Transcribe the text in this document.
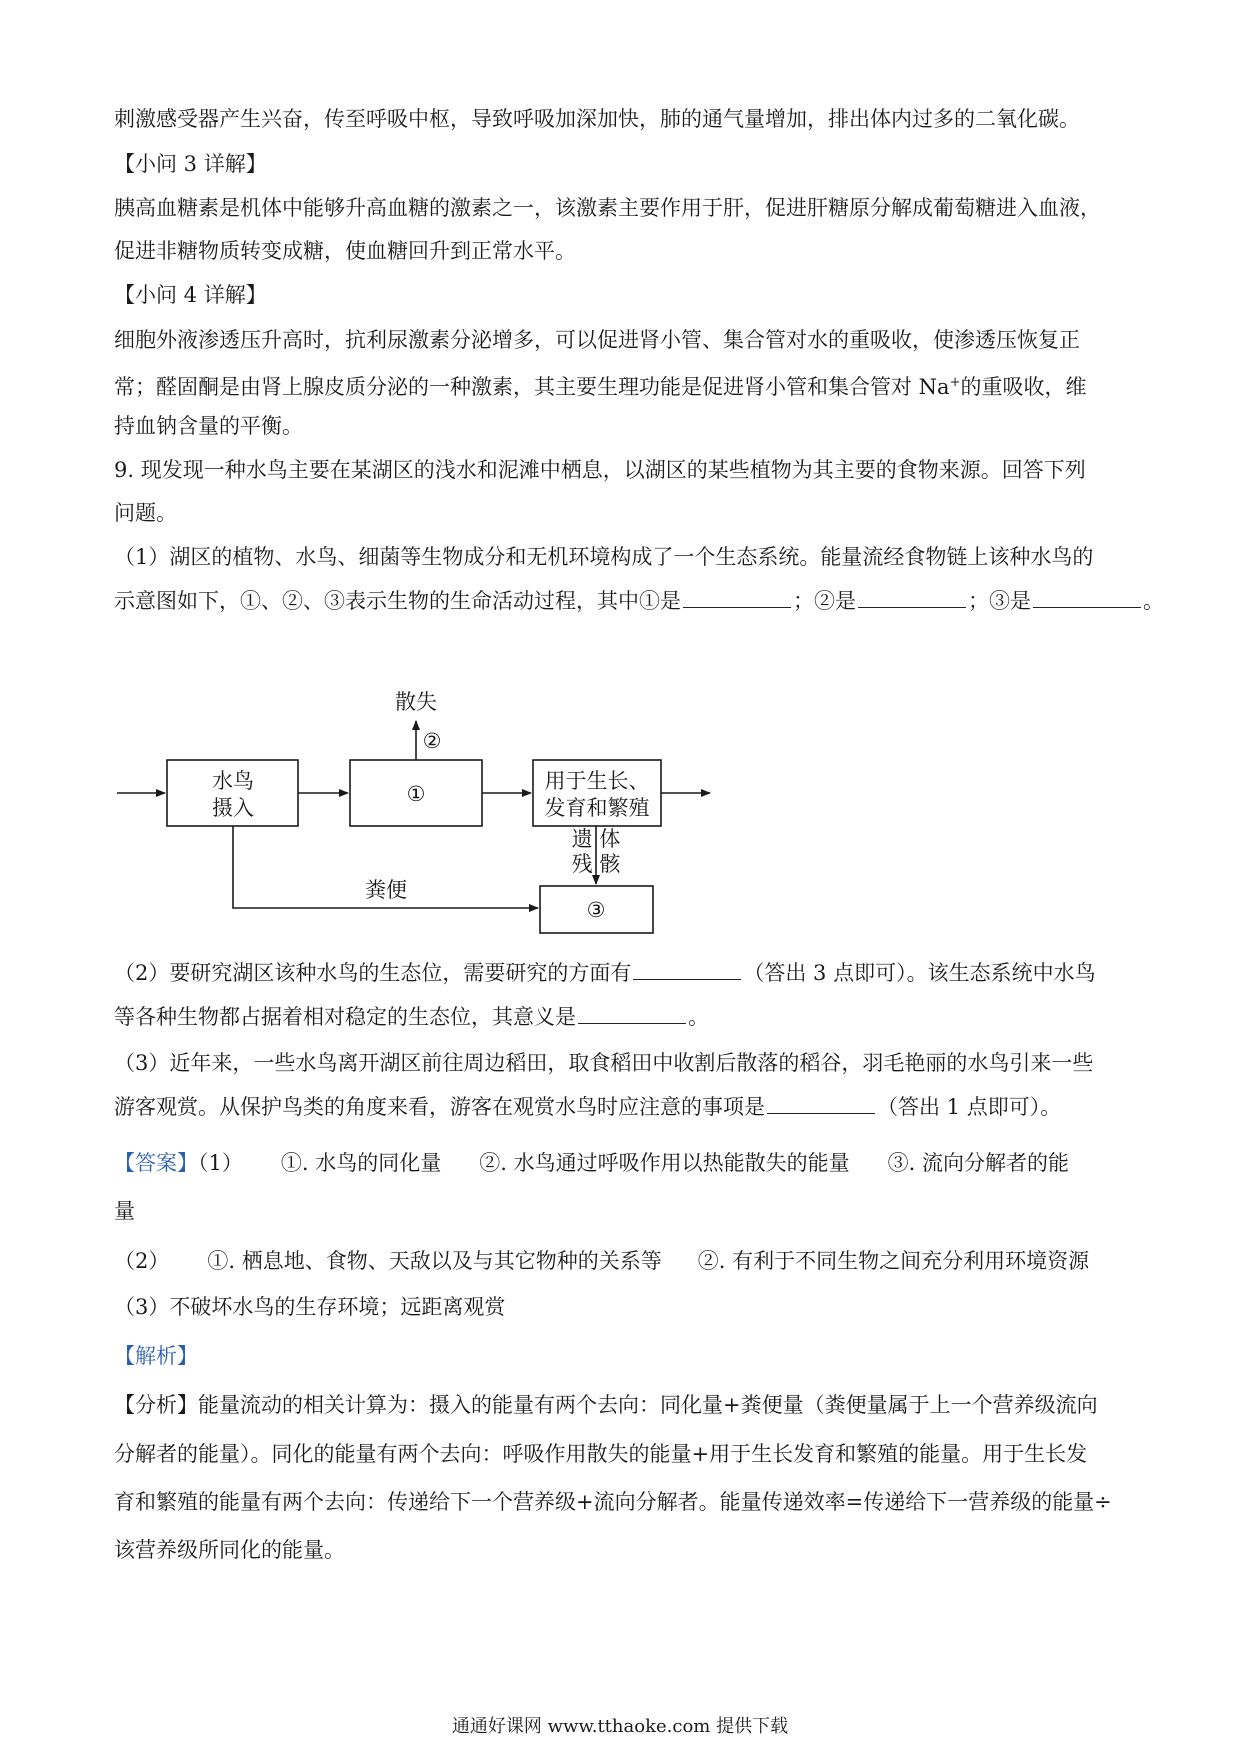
刺激感受器产生兴奋，传至呼吸中枢，导致呼吸加深加快，肺的通气量增加，排出体内过多的二氧化碳。
【小问 3 详解】
胰高血糖素是机体中能够升高血糖的激素之一，该激素主要作用于肝，促进肝糖原分解成葡萄糖进入血液，
促进非糖物质转变成糖，使血糖回升到正常水平。
【小问 4 详解】
细胞外液渗透压升高时，抗利尿激素分泌增多，可以促进肾小管、集合管对水的重吸收，使渗透压恢复正
常；醛固酮是由肾上腺皮质分泌的一种激素，其主要生理功能是促进肾小管和集合管对 Na+的重吸收，维
持血钠含量的平衡。
9. 现发现一种水鸟主要在某湖区的浅水和泥滩中栖息，以湖区的某些植物为其主要的食物来源。回答下列
问题。
（1）湖区的植物、水鸟、细菌等生物成分和无机环境构成了一个生态系统。能量流经食物链上该种水鸟的
示意图如下，①、②、③表示生物的生命活动过程，其中①是	；②是	；③是	。
水鸟
摄入
①
用于生长、
发育和繁殖
③
散失
②
遗 体
残 骸
粪便
（2）要研究湖区该种水鸟的生态位，需要研究的方面有	（答出 3 点即可）。该生态系统中水鸟
等各种生物都占据着相对稳定的生态位，其意义是	。
（3）近年来，一些水鸟离开湖区前往周边稻田，取食稻田中收割后散落的稻谷，羽毛艳丽的水鸟引来一些
游客观赏。从保护鸟类的角度来看，游客在观赏水鸟时应注意的事项是	（答出 1 点即可）。
【答案】（1） ①. 水鸟的同化量 ②. 水鸟通过呼吸作用以热能散失的能量 ③. 流向分解者的能
量
（2） ①. 栖息地、食物、天敌以及与其它物种的关系等 ②. 有利于不同生物之间充分利用环境资源
（3）不破坏水鸟的生存环境；远距离观赏
【解析】
【分析】能量流动的相关计算为：摄入的能量有两个去向：同化量+粪便量（粪便量属于上一个营养级流向
分解者的能量）。同化的能量有两个去向：呼吸作用散失的能量+用于生长发育和繁殖的能量。用于生长发
育和繁殖的能量有两个去向：传递给下一个营养级+流向分解者。能量传递效率=传递给下一营养级的能量÷
该营养级所同化的能量。
通通好课网 www.tthaoke.com 提供下载
